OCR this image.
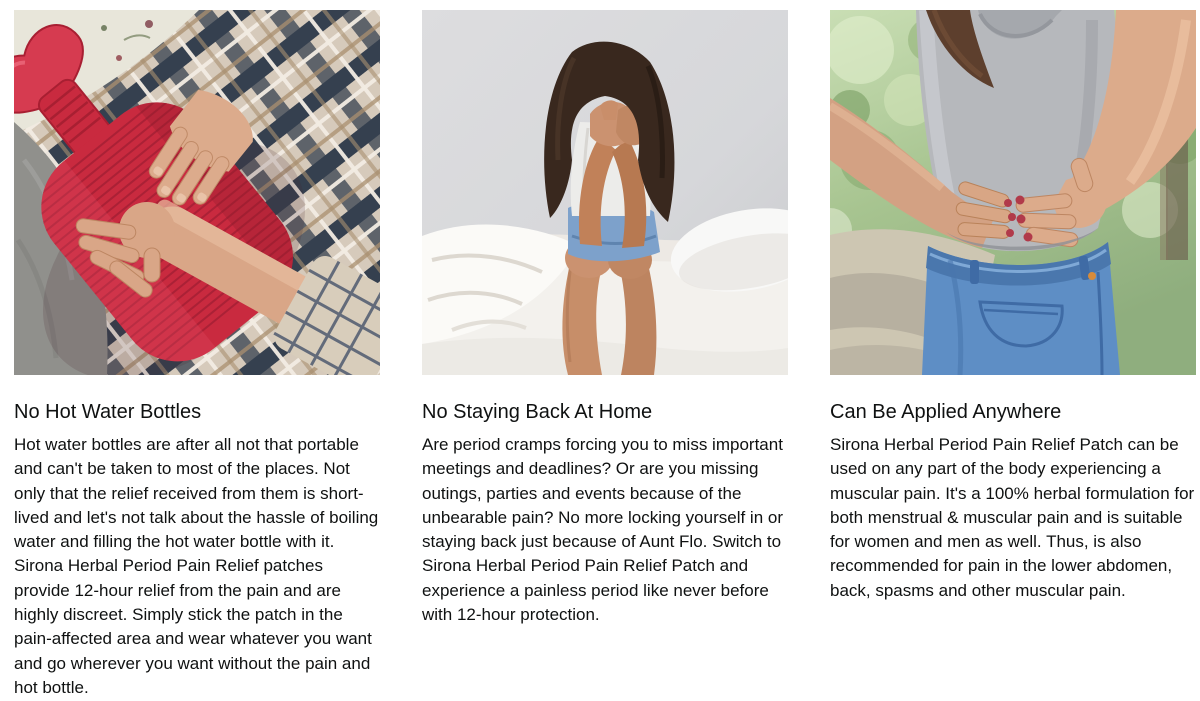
No Hot Water Bottles

Hot water bottles are after all not that portable and can't be taken to most of the places. Not only that the relief received from them is short-lived and let's not talk about the hassle of boiling water and filling the hot water bottle with it. Sirona Herbal Period Pain Relief patches provide 12-hour relief from the pain and are highly discreet. Simply stick the patch in the pain-affected area and wear whatever you want and go wherever you want without the pain and hot bottle.

No Staying Back At Home

Are period cramps forcing you to miss important meetings and deadlines? Or are you missing outings, parties and events because of the unbearable pain? No more locking yourself in or staying back just because of Aunt Flo. Switch to Sirona Herbal Period Pain Relief Patch and experience a painless period like never before with 12-hour protection.

Can Be Applied Anywhere

Sirona Herbal Period Pain Relief Patch can be used on any part of the body experiencing a muscular pain. It's a 100% herbal formulation for both menstrual & muscular pain and is suitable for women and men as well. Thus, is also recommended for pain in the lower abdomen, back, spasms and other muscular pain.
